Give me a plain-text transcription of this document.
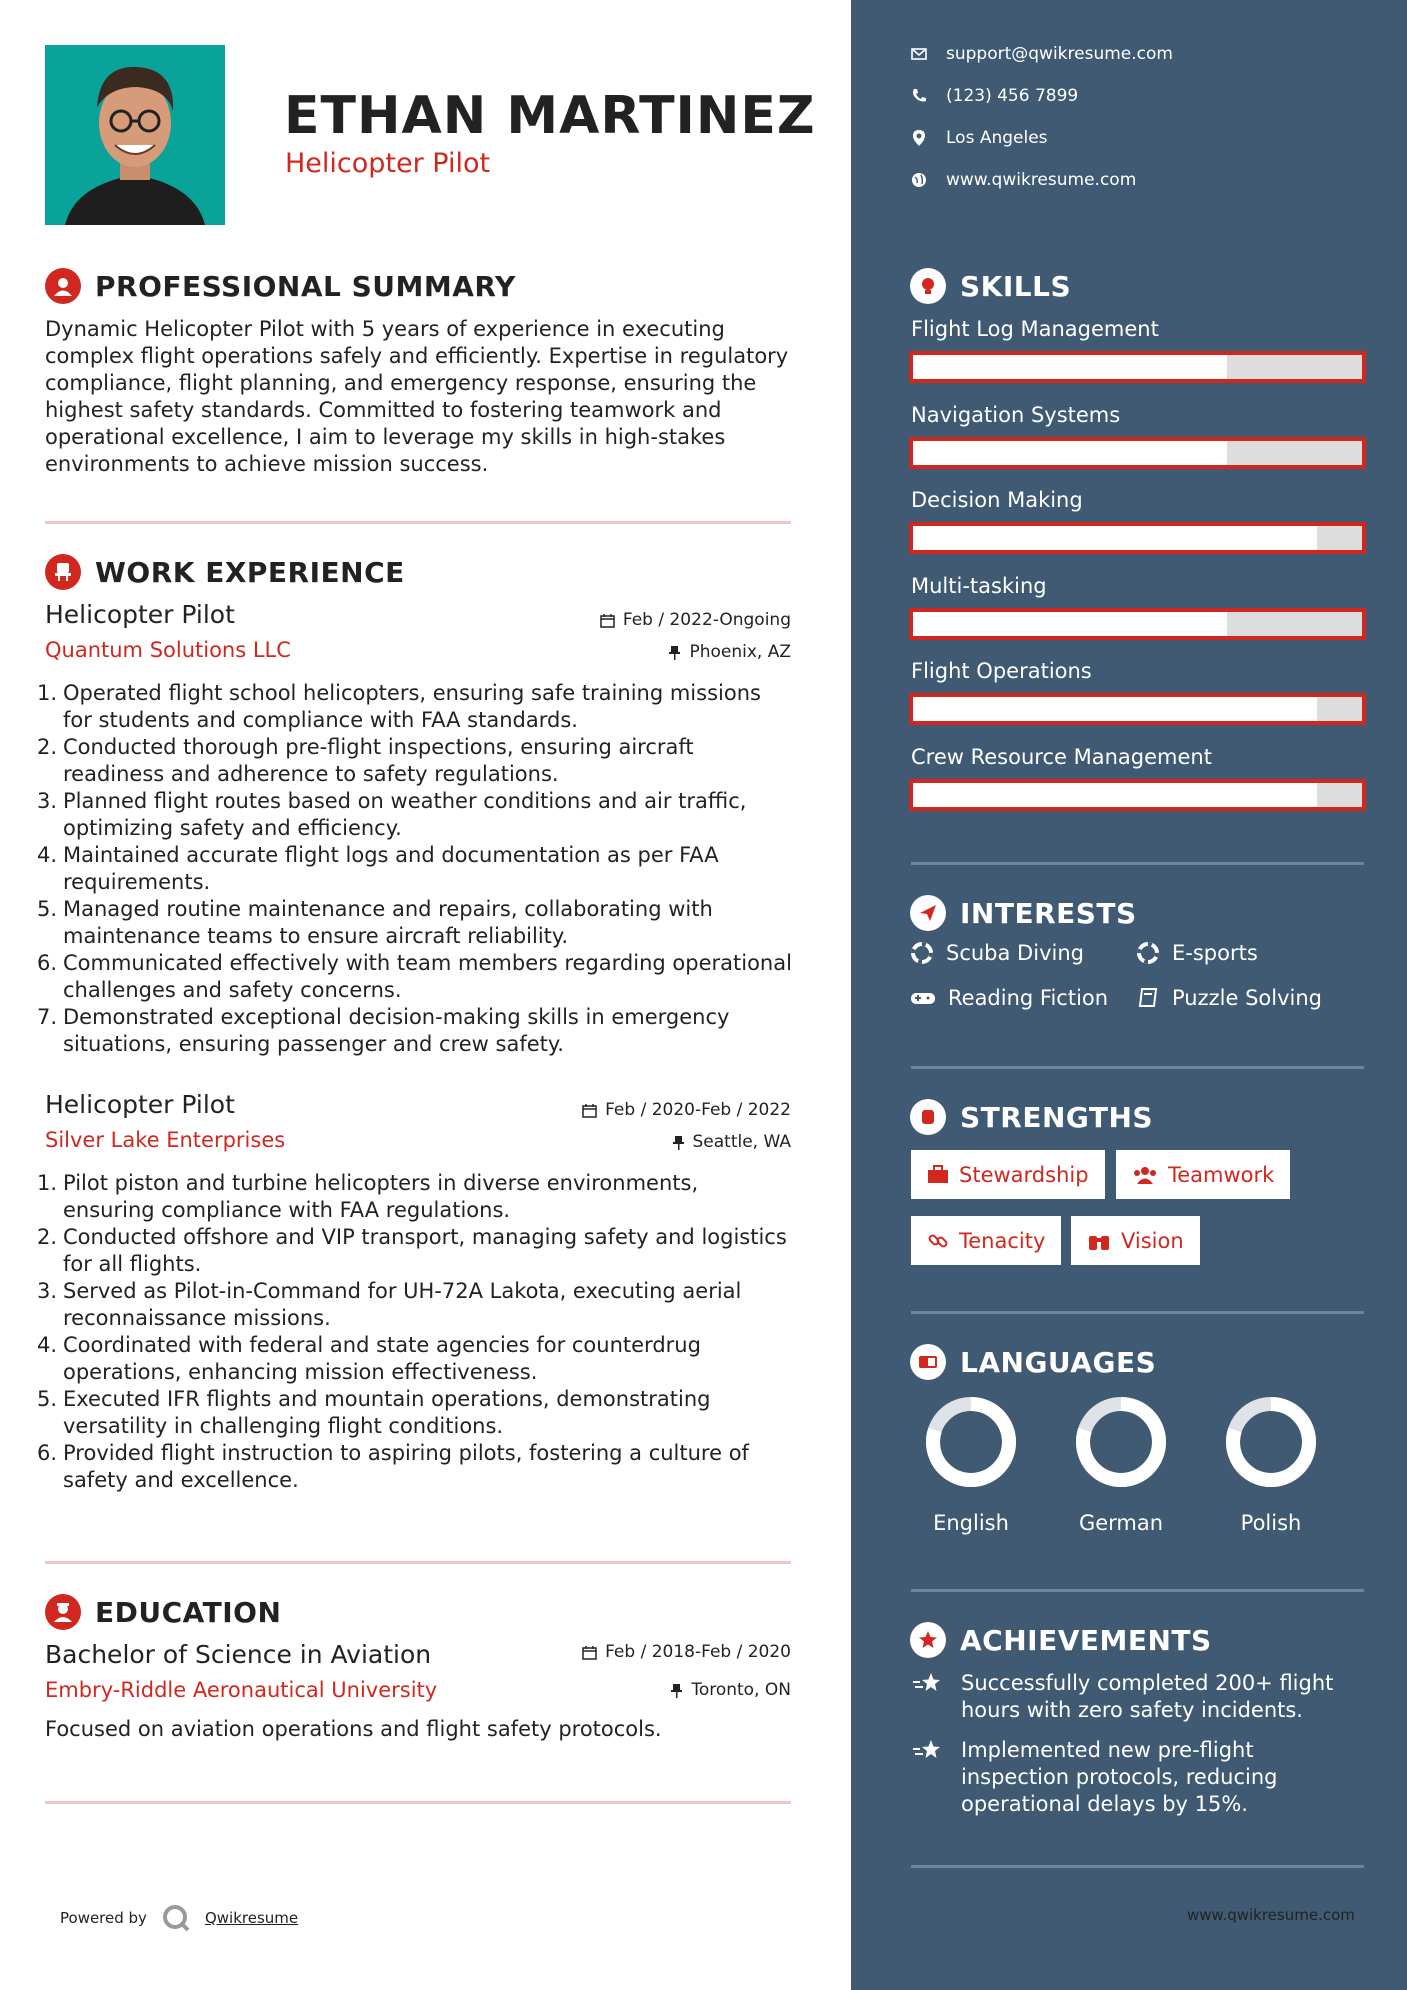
ETHAN MARTINEZ
Helicopter Pilot
PROFESSIONAL SUMMARY
Dynamic Helicopter Pilot with 5 years of experience in executing complex flight operations safely and efficiently. Expertise in regulatory compliance, flight planning, and emergency response, ensuring the highest safety standards. Committed to fostering teamwork and operational excellence, I aim to leverage my skills in high-stakes environments to achieve mission success.
WORK EXPERIENCE
Helicopter Pilot	Feb / 2022-Ongoing
Quantum Solutions LLC	Phoenix, AZ
Operated flight school helicopters, ensuring safe training missions for students and compliance with FAA standards.
Conducted thorough pre-flight inspections, ensuring aircraft readiness and adherence to safety regulations.
Planned flight routes based on weather conditions and air traffic, optimizing safety and efficiency.
Maintained accurate flight logs and documentation as per FAA requirements.
Managed routine maintenance and repairs, collaborating with maintenance teams to ensure aircraft reliability.
Communicated effectively with team members regarding operational challenges and safety concerns.
Demonstrated exceptional decision-making skills in emergency situations, ensuring passenger and crew safety.
Helicopter Pilot	Feb / 2020-Feb / 2022
Silver Lake Enterprises	Seattle, WA
Pilot piston and turbine helicopters in diverse environments, ensuring compliance with FAA regulations.
Conducted offshore and VIP transport, managing safety and logistics for all flights.
Served as Pilot-in-Command for UH-72A Lakota, executing aerial reconnaissance missions.
Coordinated with federal and state agencies for counterdrug operations, enhancing mission effectiveness.
Executed IFR flights and mountain operations, demonstrating versatility in challenging flight conditions.
Provided flight instruction to aspiring pilots, fostering a culture of safety and excellence.
EDUCATION
Bachelor of Science in Aviation	Feb / 2018-Feb / 2020
Embry-Riddle Aeronautical University	Toronto, ON
Focused on aviation operations and flight safety protocols.
Powered by	Qwikresume
support@qwikresume.com
(123) 456 7899
Los Angeles
www.qwikresume.com
SKILLS
Flight Log Management
Navigation Systems
Decision Making
Multi-tasking
Flight Operations
Crew Resource Management
INTERESTS
Scuba Diving	E-sports
Reading Fiction	Puzzle Solving
STRENGTHS
Stewardship	Teamwork
Tenacity	Vision
LANGUAGES
English	German	Polish
ACHIEVEMENTS
Successfully completed 200+ flight hours with zero safety incidents.
Implemented new pre-flight inspection protocols, reducing operational delays by 15%.
www.qwikresume.com
